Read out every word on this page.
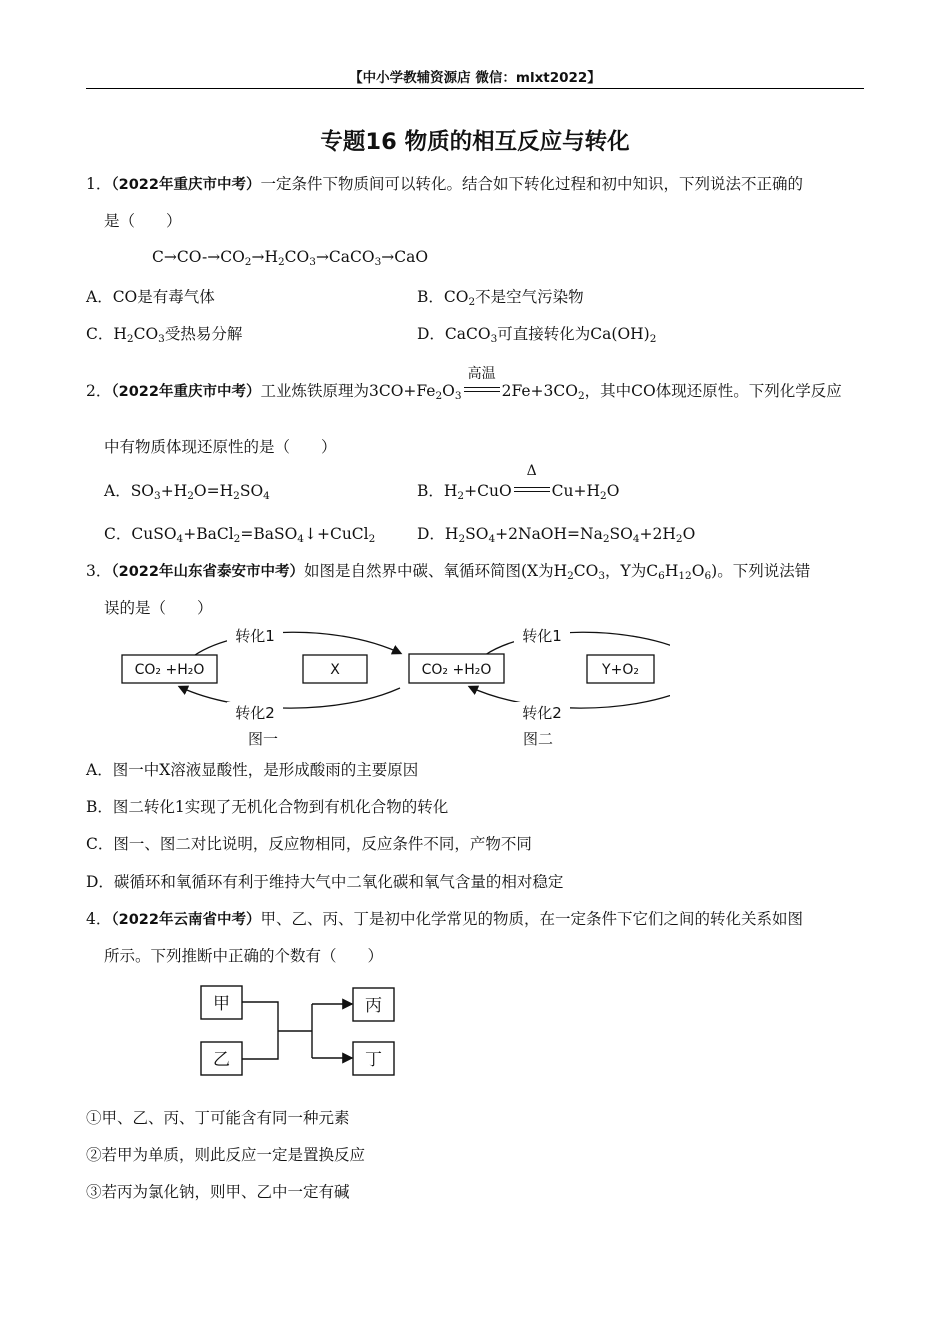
【中小学教辅资源店 微信：mlxt2022】
专题16 物质的相互反应与转化
1．（2022年重庆市中考）一定条件下物质间可以转化。结合如下转化过程和初中知识，下列说法不正确的
是（　　）
$C\to CO-\to CO_2\to H_2CO_3\to CaCO_3\to CaO$
A．CO是有毒气体	B．$CO_2$不是空气污染物
C．$H_2CO_3$受热易分解	D．CaCO$_3$可直接转化为$Ca(OH)_2$
2．（2022年重庆市中考）工业炼铁原理为$3CO+Fe_2O_3$
高温
$2Fe+3CO_2$，其中CO体现还原性。下列化学反应
中有物质体现还原性的是（　　）
A．$SO_3+H_2O=H_2SO_4$	B．$H_2+CuO$
Δ
$Cu+H_2O$
C．CuSO$_4$+BaCl$_2$=BaSO$_4$↓+CuCl$_2$	D．$H_2SO_4+2NaOH=Na_2SO_4+2H_2O$
3．（2022年山东省泰安市中考）如图是自然界中碳、氧循环简图(X为$H_2CO_3$，Y为$C_6H_{12}O_6$)。下列说法错
误的是（　　）
CO₂ +H₂O	X
转化1
转化2
图一
CO₂ +H₂O	Y+O₂
转化1
转化2
图二
A．图一中X溶液显酸性，是形成酸雨的主要原因
B．图二转化1实现了无机化合物到有机化合物的转化
C．图一、图二对比说明，反应物相同，反应条件不同，产物不同
D．碳循环和氧循环有利于维持大气中二氧化碳和氧气含量的相对稳定
4．（2022年云南省中考）甲、乙、丙、丁是初中化学常见的物质，在一定条件下它们之间的转化关系如图
所示。下列推断中正确的个数有（　　）
甲
乙
丙
丁
①甲、乙、丙、丁可能含有同一种元素
②若甲为单质，则此反应一定是置换反应
③若丙为氯化钠，则甲、乙中一定有碱
